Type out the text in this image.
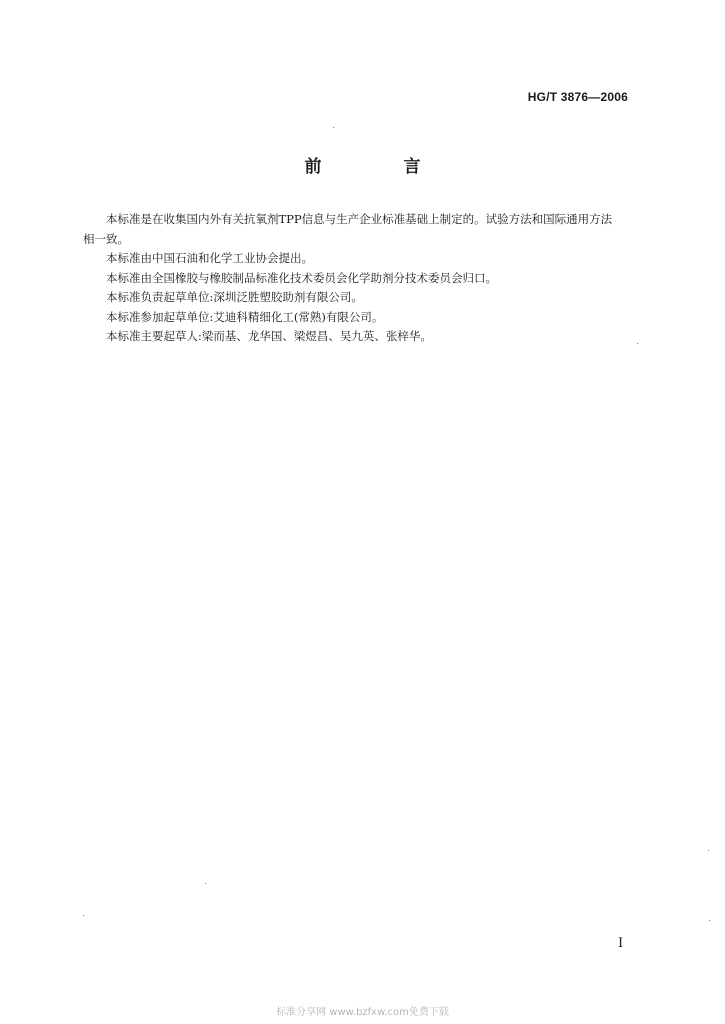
HG/T 3876—2006
前 言

本标准是在收集国内外有关抗氧剂TPP信息与生产企业标准基础上制定的。试验方法和国际通用方法相一致。

本标准由中国石油和化学工业协会提出。

本标准由全国橡胶与橡胶制品标准化技术委员会化学助剂分技术委员会归口。

本标准负责起草单位:深圳泛胜塑胶助剂有限公司。

本标准参加起草单位:艾迪科精细化工(常熟)有限公司。

本标准主要起草人:梁而基、龙华国、梁煜昌、吴九英、张梓华。

I
标准分享网 www.bzfxw.com免费下载
